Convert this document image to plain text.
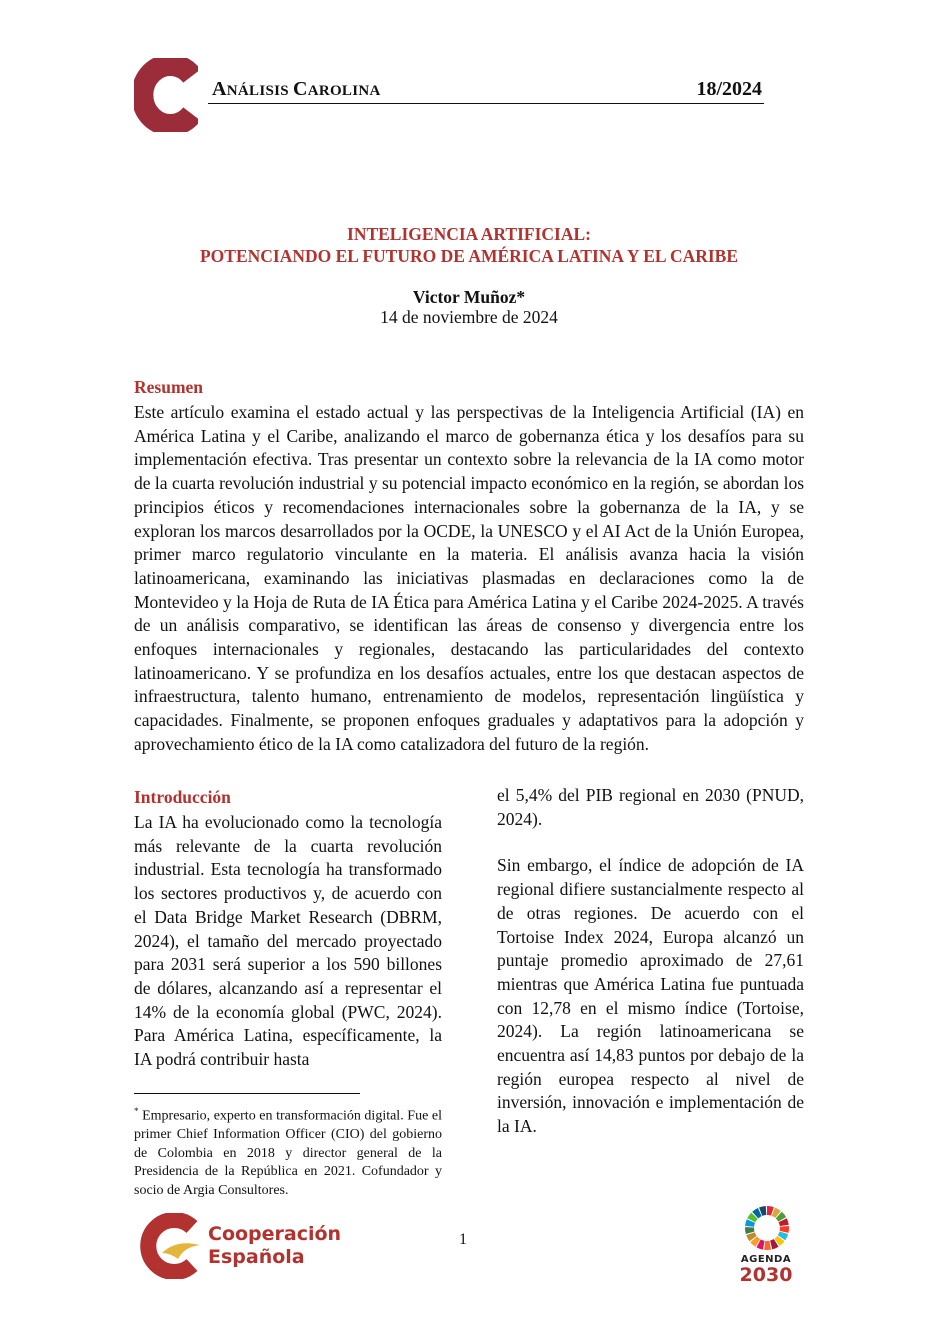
ANÁLISIS CAROLINA	18/2024
INTELIGENCIA ARTIFICIAL:
POTENCIANDO EL FUTURO DE AMÉRICA LATINA Y EL CARIBE
Victor Muñoz*
14 de noviembre de 2024
Resumen
Este artículo examina el estado actual y las perspectivas de la Inteligencia Artificial (IA) en América Latina y el Caribe, analizando el marco de gobernanza ética y los desafíos para su implementación efectiva. Tras presentar un contexto sobre la relevancia de la IA como motor de la cuarta revolución industrial y su potencial impacto económico en la región, se abordan los principios éticos y recomendaciones internacionales sobre la gobernanza de la IA, y se exploran los marcos desarrollados por la OCDE, la UNESCO y el AI Act de la Unión Europea, primer marco regulatorio vinculante en la materia. El análisis avanza hacia la visión latinoamericana, examinando las iniciativas plasmadas en declaraciones como la de Montevideo y la Hoja de Ruta de IA Ética para América Latina y el Caribe 2024-2025. A través de un análisis comparativo, se identifican las áreas de consenso y divergencia entre los enfoques internacionales y regionales, destacando las particularidades del contexto latinoamericano. Y se profundiza en los desafíos actuales, entre los que destacan aspectos de infraestructura, talento humano, entrenamiento de modelos, representación lingüística y capacidades. Finalmente, se proponen enfoques graduales y adaptativos para la adopción y aprovechamiento ético de la IA como catalizadora del futuro de la región.
Introducción
La IA ha evolucionado como la tecnología más relevante de la cuarta revolución industrial. Esta tecnología ha transformado los sectores productivos y, de acuerdo con el Data Bridge Market Research (DBRM, 2024), el tamaño del mercado proyectado para 2031 será superior a los 590 billones de dólares, alcanzando así a representar el 14% de la economía global (PWC, 2024). Para América Latina, específicamente, la IA podrá contribuir hasta
el 5,4% del PIB regional en 2030 (PNUD, 2024).
Sin embargo, el índice de adopción de IA regional difiere sustancialmente respecto al de otras regiones. De acuerdo con el Tortoise Index 2024, Europa alcanzó un puntaje promedio aproximado de 27,61 mientras que América Latina fue puntuada con 12,78 en el mismo índice (Tortoise, 2024). La región latinoamericana se encuentra así 14,83 puntos por debajo de la región europea respecto al nivel de inversión, innovación e implementación de la IA.
* Empresario, experto en transformación digital. Fue el primer Chief Information Officer (CIO) del gobierno de Colombia en 2018 y director general de la Presidencia de la República en 2021. Cofundador y socio de Argia Consultores.
1
Cooperación
Española	AGENDA
2030
